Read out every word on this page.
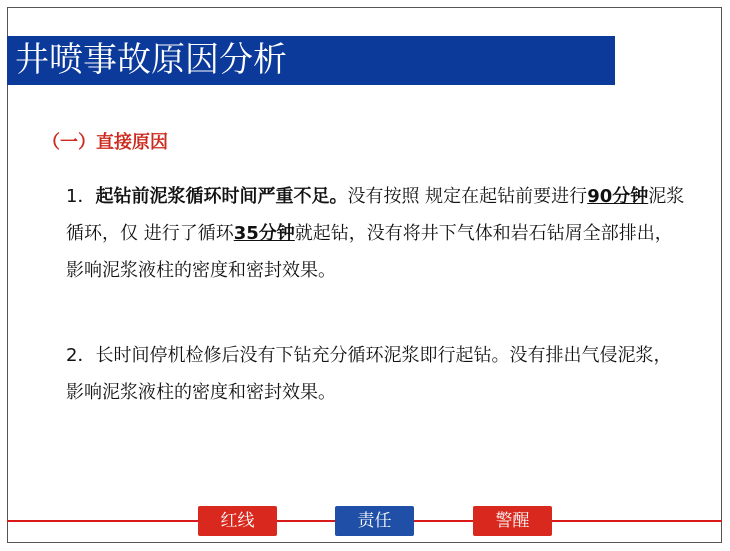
井喷事故原因分析
（一）直接原因
1．起钻前泥浆循环时间严重不足。没有按照 规定在起钻前要进行90分钟泥浆循环，仅 进行了循环35分钟就起钻，没有将井下气体和岩石钻屑全部排出，影响泥浆液柱的密度和密封效果。
2．长时间停机检修后没有下钻充分循环泥浆即行起钻。没有排出气侵泥浆，影响泥浆液柱的密度和密封效果。
红线	责任	警醒
